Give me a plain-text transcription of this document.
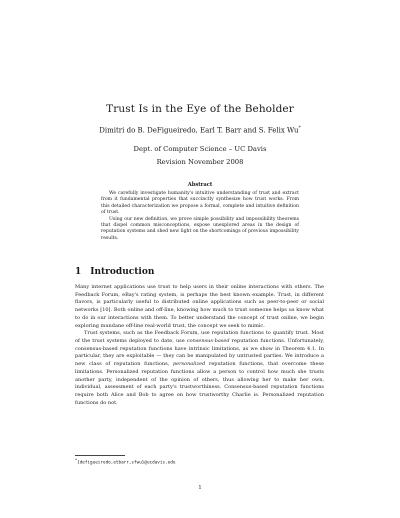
Trust Is in the Eye of the Beholder
Dimitri do B. DeFigueiredo, Earl T. Barr and S. Felix Wu*
Dept. of Computer Science – UC Davis
Revision November 2008
Abstract

We carefully investigate humanity's intuitive understanding of trust and extract from it fundamental properties that succinctly synthesize how trust works. From this detailed characterization we propose a formal, complete and intuitive definition of trust.

Using our new definition, we prove simple possibility and impossibility theorems that dispel common misconceptions, expose unexplored areas in the design of reputation systems and shed new light on the shortcomings of previous impossibility results.

1 Introduction

Many internet applications use trust to help users in their online interactions with others. The Feedback Forum, eBay's rating system, is perhaps the best known example. Trust, in different flavors, is particularly useful to distributed online applications such as peer-to-peer or social networks [10]. Both online and off-line, knowing how much to trust someone helps us know what to do in our interactions with them. To better understand the concept of trust online, we begin exploring mundane off-line real-world trust, the concept we seek to mimic.

Trust systems, such as the Feedback Forum, use reputation functions to quantify trust. Most of the trust systems deployed to date, use consensus-based reputation functions. Unfortunately, consensus-based reputation functions have intrinsic limitations, as we show in Theorem 4.1. In particular, they are exploitable — they can be manipulated by untrusted parties. We introduce a new class of reputation functions, personalized reputation functions, that overcome these limitations. Personalized reputation functions allow a person to control how much she trusts another party, independent of the opinion of others, thus allowing her to make her own, individual, assessment of each party's trustworthiness. Consensus-based reputation functions require both Alice and Bob to agree on how trustworthy Charlie is. Personalized reputation functions do not.

*{defigueiredo,etbarr,sfwu}@ucdavis.edu
1
